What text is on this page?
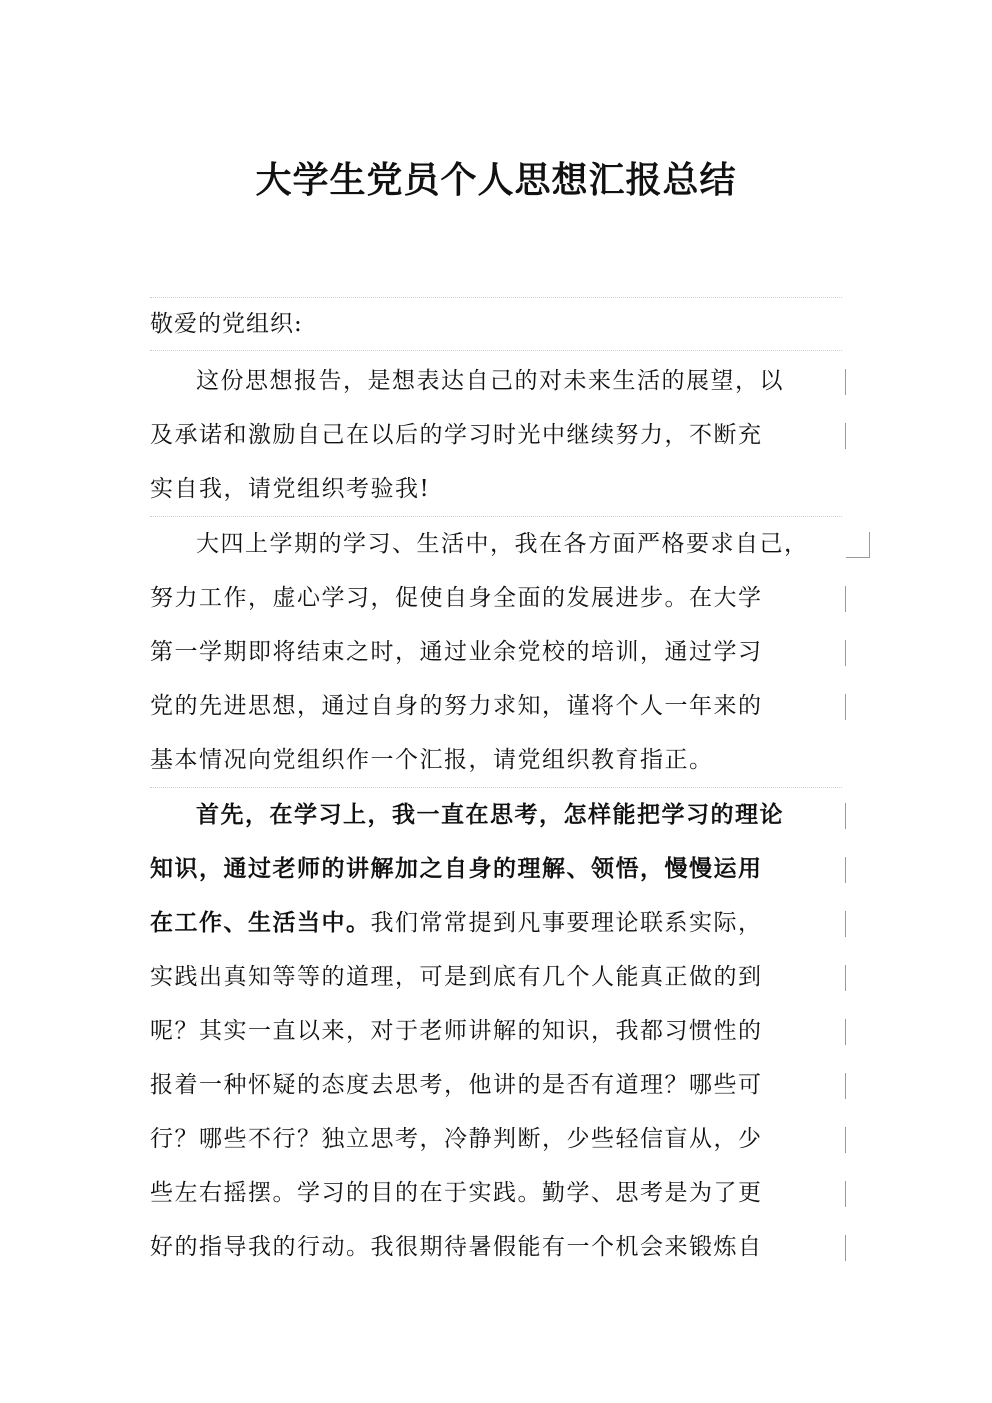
大学生党员个人思想汇报总结
敬爱的党组织:
这份思想报告，是想表达自己的对未来生活的展望，以
及承诺和激励自己在以后的学习时光中继续努力，不断充
实自我，请党组织考验我!
大四上学期的学习、生活中，我在各方面严格要求自己，
努力工作，虚心学习，促使自身全面的发展进步。在大学
第一学期即将结束之时，通过业余党校的培训，通过学习
党的先进思想，通过自身的努力求知，谨将个人一年来的
基本情况向党组织作一个汇报，请党组织教育指正。
首先，在学习上，我一直在思考，怎样能把学习的理论
知识，通过老师的讲解加之自身的理解、领悟，慢慢运用
在工作、生活当中。我们常常提到凡事要理论联系实际，
实践出真知等等的道理，可是到底有几个人能真正做的到
呢？其实一直以来，对于老师讲解的知识，我都习惯性的
报着一种怀疑的态度去思考，他讲的是否有道理？哪些可
行？哪些不行？独立思考，冷静判断，少些轻信盲从，少
些左右摇摆。学习的目的在于实践。勤学、思考是为了更
好的指导我的行动。我很期待暑假能有一个机会来锻炼自
